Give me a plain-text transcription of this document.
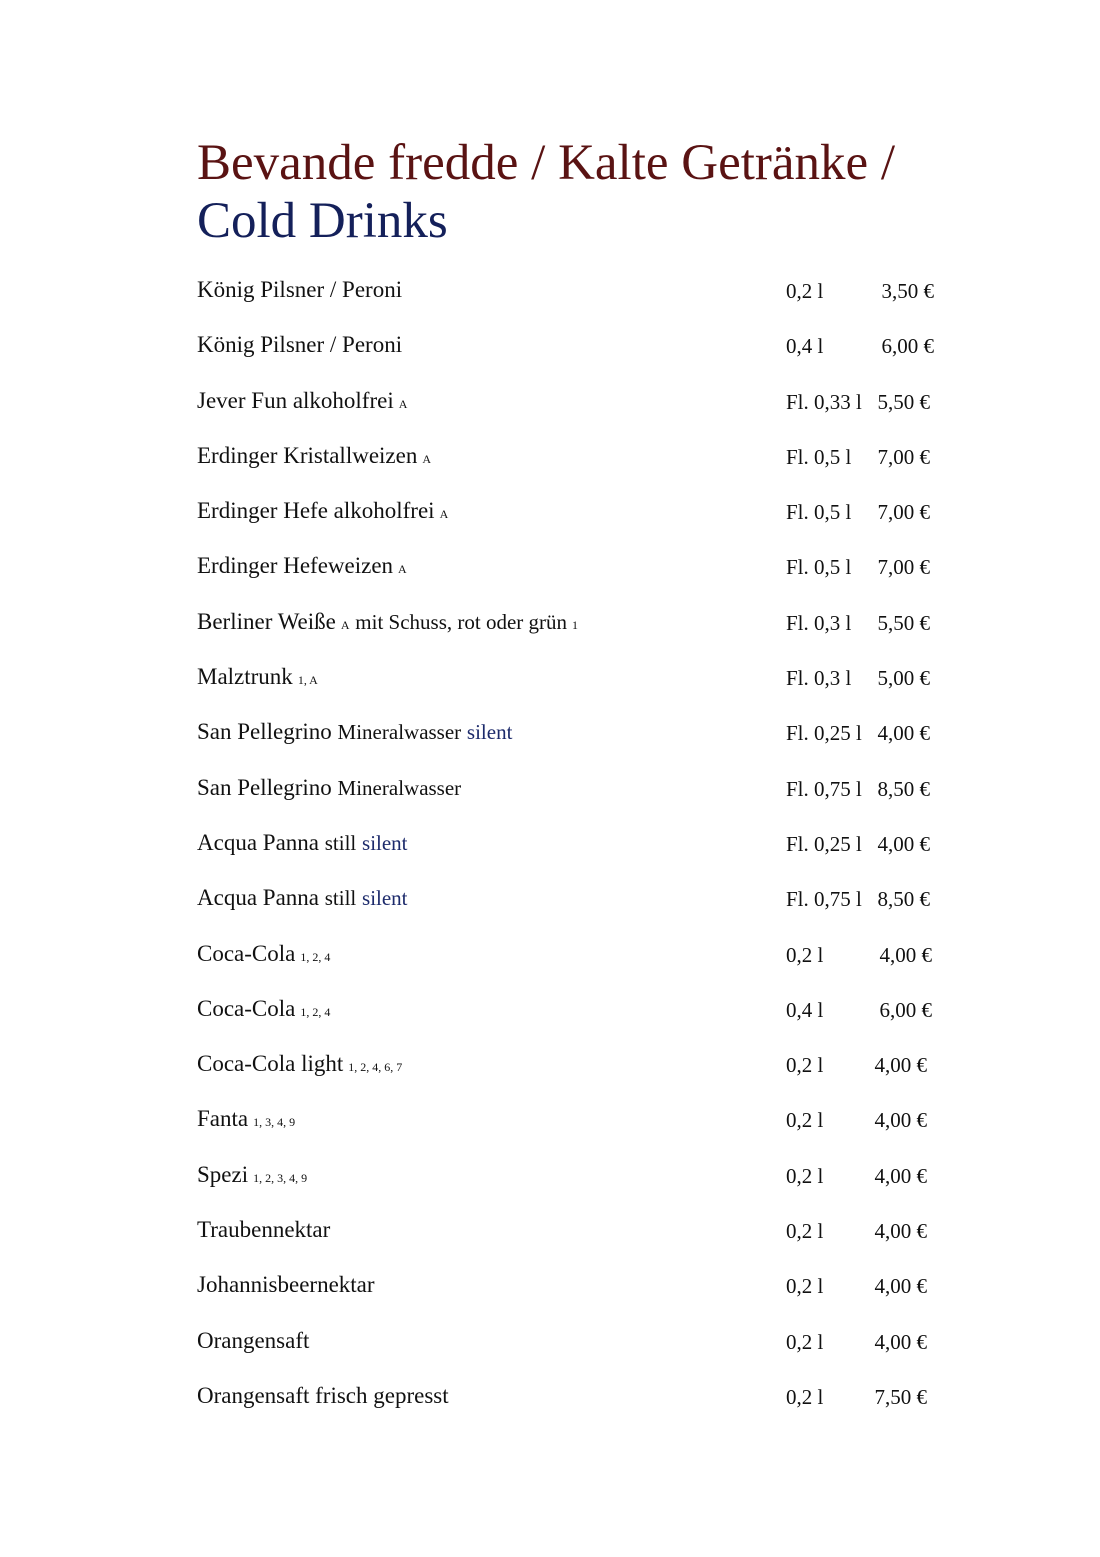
Bevande fredde / Kalte Getränke /
Cold Drinks
König Pilsner / Peroni	0,2 l	3,50 €
König Pilsner / Peroni	0,4 l	6,00 €
Jever Fun alkoholfrei A	Fl. 0,33 l 5,50 €
Erdinger Kristallweizen A	Fl. 0,5 l 7,00 €
Erdinger Hefe alkoholfrei A	Fl. 0,5 l 7,00 €
Erdinger Hefeweizen A	Fl. 0,5 l 7,00 €
Berliner Weiße A mit Schuss, rot oder grün 1	Fl. 0,3 l 5,50 €
Malztrunk 1, A	Fl. 0,3 l 5,00 €
San Pellegrino Mineralwasser silent	Fl. 0,25 l 4,00 €
San Pellegrino Mineralwasser	Fl. 0,75 l 8,50 €
Acqua Panna still silent	Fl. 0,25 l 4,00 €
Acqua Panna still silent	Fl. 0,75 l 8,50 €
Coca-Cola 1, 2, 4	0,2 l	4,00 €
Coca-Cola 1, 2, 4	0,4 l	6,00 €
Coca-Cola light 1, 2, 4, 6, 7	0,2 l 4,00 €
Fanta 1, 3, 4, 9	0,2 l 4,00 €
Spezi 1, 2, 3, 4, 9	0,2 l 4,00 €
Traubennektar	0,2 l 4,00 €
Johannisbeernektar	0,2 l 4,00 €
Orangensaft	0,2 l 4,00 €
Orangensaft frisch gepresst	0,2 l 7,50 €
